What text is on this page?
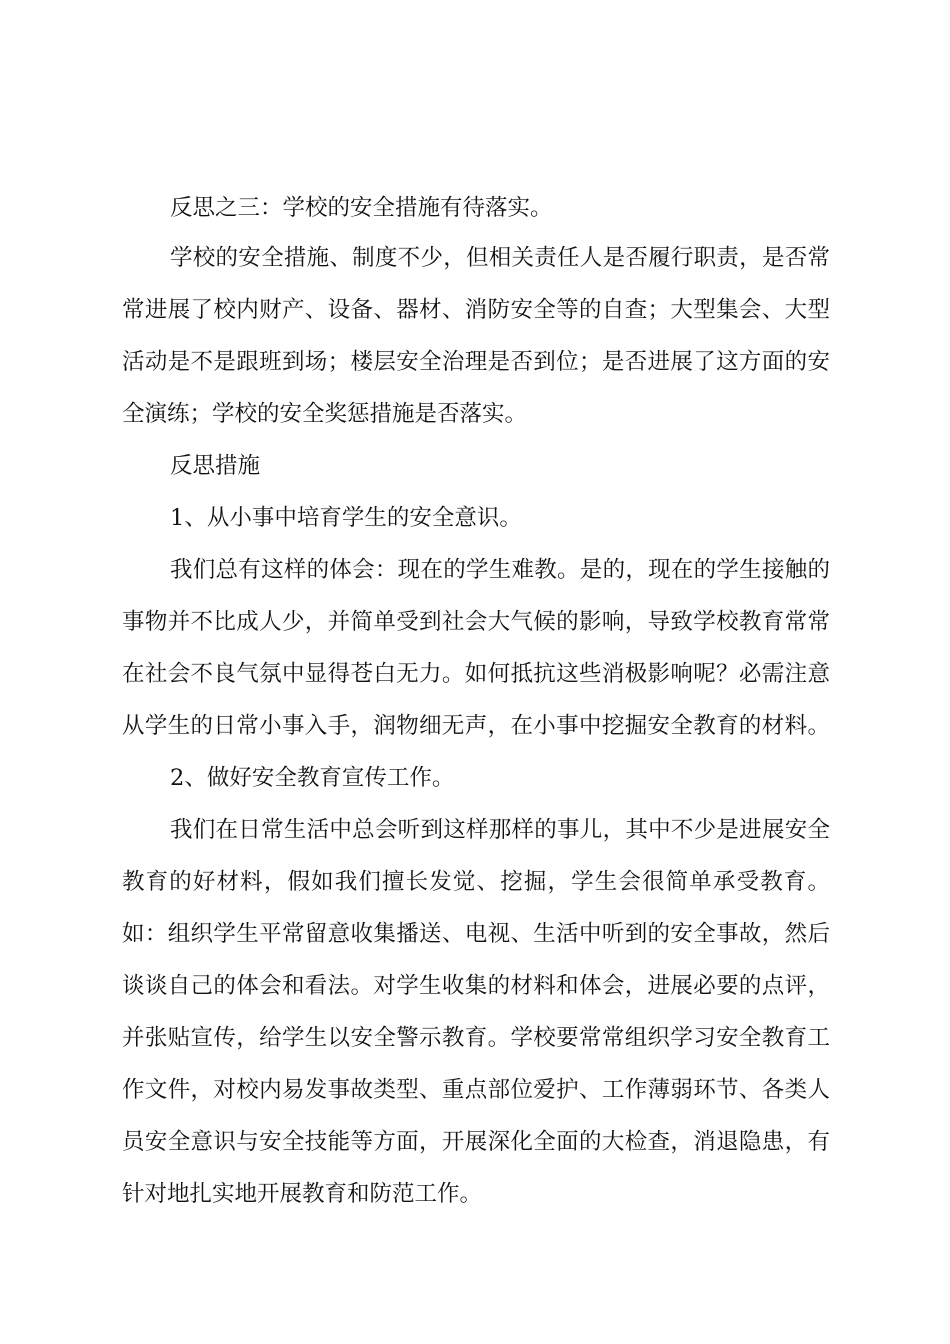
反思之三：学校的安全措施有待落实。
学校的安全措施、制度不少，但相关责任人是否履行职责，是否常
常进展了校内财产、设备、器材、消防安全等的自查；大型集会、大型
活动是不是跟班到场；楼层安全治理是否到位；是否进展了这方面的安
全演练；学校的安全奖惩措施是否落实。
反思措施
1、从小事中培育学生的安全意识。
我们总有这样的体会：现在的学生难教。是的，现在的学生接触的
事物并不比成人少，并简单受到社会大气候的影响，导致学校教育常常
在社会不良气氛中显得苍白无力。如何抵抗这些消极影响呢？必需注意
从学生的日常小事入手，润物细无声，在小事中挖掘安全教育的材料。
2、做好安全教育宣传工作。
我们在日常生活中总会听到这样那样的事儿，其中不少是进展安全
教育的好材料，假如我们擅长发觉、挖掘，学生会很简单承受教育。
如：组织学生平常留意收集播送、电视、生活中听到的安全事故，然后
谈谈自己的体会和看法。对学生收集的材料和体会，进展必要的点评，
并张贴宣传，给学生以安全警示教育。学校要常常组织学习安全教育工
作文件，对校内易发事故类型、重点部位爱护、工作薄弱环节、各类人
员安全意识与安全技能等方面，开展深化全面的大检查，消退隐患，有
针对地扎实地开展教育和防范工作。
